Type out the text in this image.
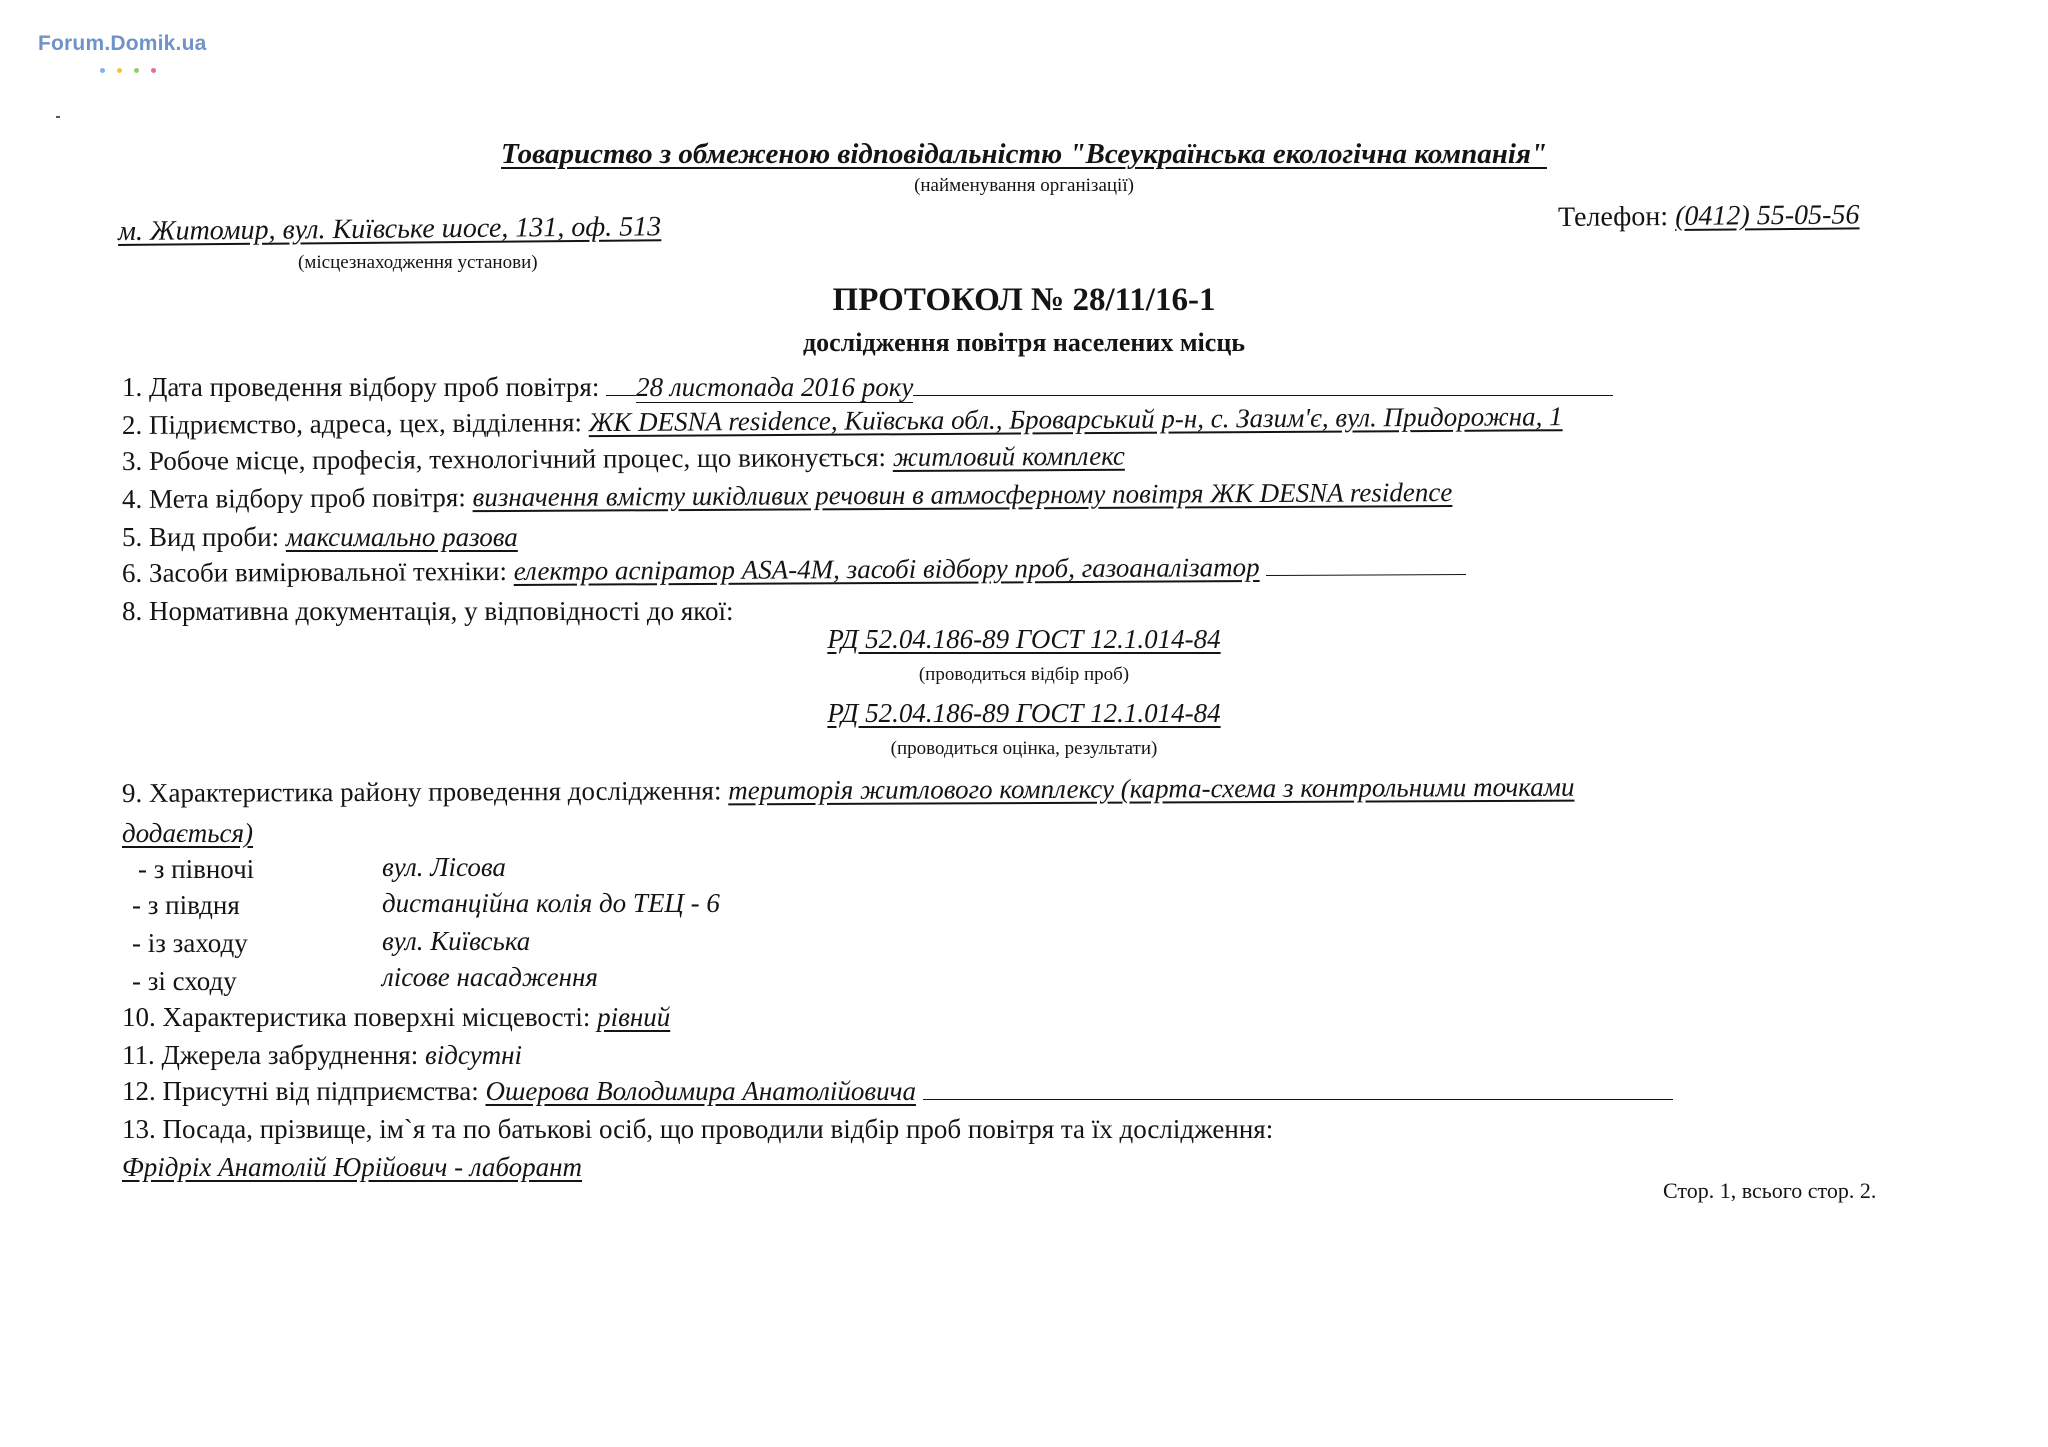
Forum.Domik.ua
Товариство з обмеженою відповідальністю "Всеукраїнська екологічна компанія"
(найменування організації)
м. Житомир, вул. Київське шосе, 131, оф. 513
(місцезнаходження установи)
Телефон: (0412) 55-05-56
ПРОТОКОЛ № 28/11/16-1
дослідження повітря населених місць
1. Дата проведення відбору проб повітря: 28 листопада 2016 року
2. Підриємство, адреса, цех, відділення: ЖК DESNA residence, Київська обл., Броварський р-н, с. Зазим'є, вул. Придорожна, 1
3. Робоче місце, професія, технологічний процес, що виконується: житловий комплекс
4. Мета відбору проб повітря: визначення вмісту шкідливих речовин в атмосферному повітря ЖК DESNA residence
5. Вид проби: максимально разова
6. Засоби вимірювальної техніки: електро аспіратор АSА-4М, засобі відбору проб, газоаналізатор
8. Нормативна документація, у відповідності до якої:
РД 52.04.186-89 ГОСТ 12.1.014-84
(проводиться відбір проб)
РД 52.04.186-89 ГОСТ 12.1.014-84
(проводиться оцінка, результати)
9. Характеристика району проведення дослідження: територія житлового комплексу (карта-схема з контрольними точками
додається)
- з півночі	вул. Лісова
- з півдня	дистанційна колія до ТЕЦ - 6
- із заходу	вул. Київська
- зі сходу	лісове насадження
10. Характеристика поверхні місцевості: рівний
11. Джерела забруднення: відсутні
12. Присутні від підприємства: Ошерова Володимира Анатолійовича
13. Посада, прізвище, ім`я та по батькові осіб, що проводили відбір проб повітря та їх дослідження:
Фрідріх Анатолій Юрійович - лаборант
Стор. 1, всього стор. 2.
